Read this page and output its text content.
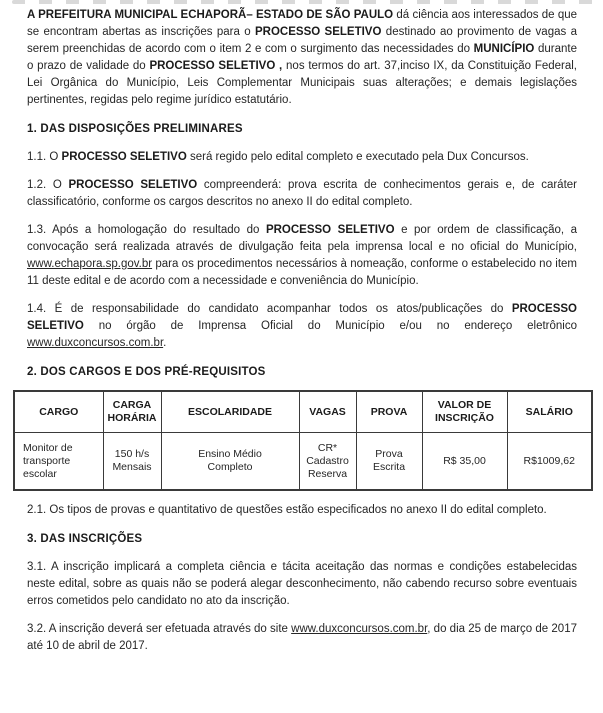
A PREFEITURA MUNICIPAL ECHAPORÃ– ESTADO DE SÃO PAULO dá ciência aos interessados de que se encontram abertas as inscrições para o PROCESSO SELETIVO destinado ao provimento de vagas a serem preenchidas de acordo com o item 2 e com o surgimento das necessidades do MUNICÍPIO durante o prazo de validade do PROCESSO SELETIVO , nos termos do art. 37,inciso IX, da Constituição Federal, Lei Orgânica do Município, Leis Complementar Municipais suas alterações; e demais legislações pertinentes, regidas pelo regime jurídico estatutário.

1. DAS DISPOSIÇÕES PRELIMINARES

1.1. O PROCESSO SELETIVO será regido pelo edital completo e executado pela Dux Concursos.

1.2. O PROCESSO SELETIVO compreenderá: prova escrita de conhecimentos gerais e, de caráter classificatório, conforme os cargos descritos no anexo II do edital completo.

1.3. Após a homologação do resultado do PROCESSO SELETIVO e por ordem de classificação, a convocação será realizada através de divulgação feita pela imprensa local e no oficial do Município, www.echapora.sp.gov.br para os procedimentos necessários à nomeação, conforme o estabelecido no item 11 deste edital e de acordo com a necessidade e conveniência do Município.

1.4. É de responsabilidade do candidato acompanhar todos os atos/publicações do PROCESSO SELETIVO no órgão de Imprensa Oficial do Município e/ou no endereço eletrônico www.duxconcursos.com.br.

2. DOS CARGOS E DOS PRÉ-REQUISITOS

CARGO	CARGA HORÁRIA	ESCOLARIDADE	VAGAS	PROVA	VALOR DE INSCRIÇÃO	SALÁRIO
Monitor de transporte escolar	150 h/s Mensais	Ensino Médio Completo	CR* Cadastro Reserva	Prova Escrita	R$ 35,00	R$1009,62

2.1. Os tipos de provas e quantitativo de questões estão especificados no anexo II do edital completo.

3. DAS INSCRIÇÕES

3.1. A inscrição implicará a completa ciência e tácita aceitação das normas e condições estabelecidas neste edital, sobre as quais não se poderá alegar desconhecimento, não cabendo recurso sobre eventuais erros cometidos pelo candidato no ato da inscrição.

3.2. A inscrição deverá ser efetuada através do site www.duxconcursos.com.br, do dia 25 de março de 2017 até 10 de abril de 2017.
